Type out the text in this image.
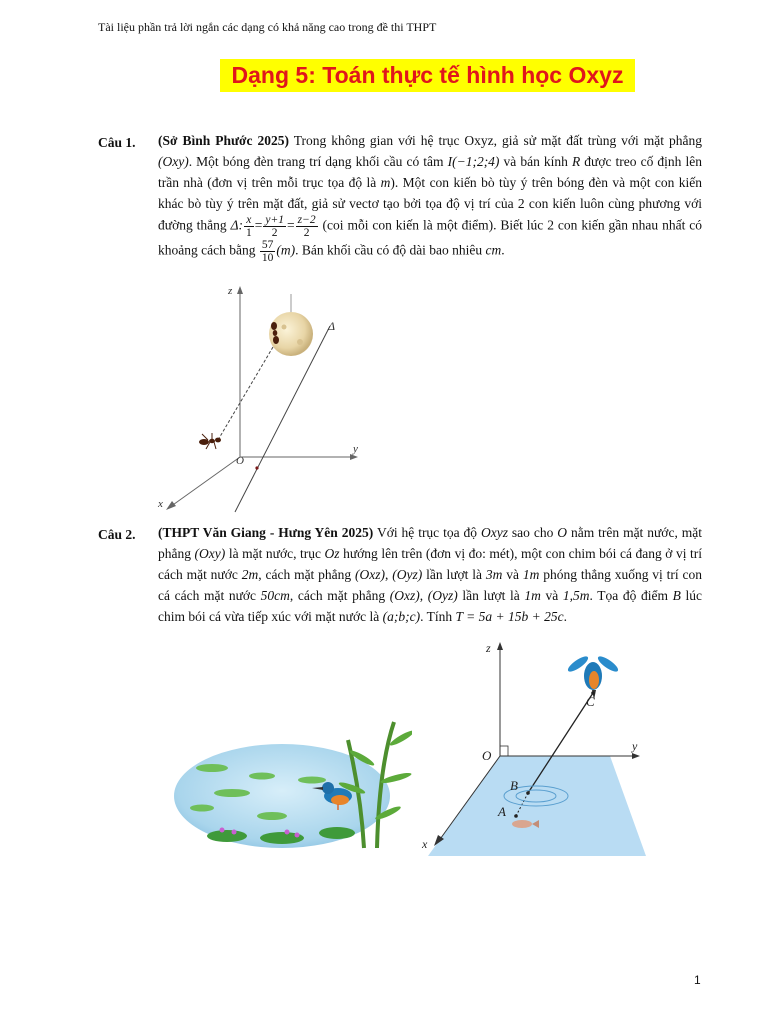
Tài liệu phần trả lời ngắn các dạng có khả năng cao trong đề thi THPT
Dạng 5: Toán thực tế hình học Oxyz
Câu 1. (Sở Bình Phước 2025) Trong không gian với hệ trục Oxyz, giả sử mặt đất trùng với mặt phẳng (Oxy). Một bóng đèn trang trí dạng khối cầu có tâm I(−1;2;4) và bán kính R được treo cố định lên trần nhà (đơn vị trên mỗi trục tọa độ là m). Một con kiến bò tùy ý trên bóng đèn và một con kiến khác bò tùy ý trên mặt đất, giả sử vectơ tạo bởi tọa độ vị trí của 2 con kiến luôn cùng phương với đường thẳng Δ: $\frac{x}{1} = \frac{y+1}{2} = \frac{z-2}{2} (coi$ mỗi con kiến là một điểm). Biết lúc 2 con kiến gần nhau nhất có khoảng cách bằng $\frac{57}{10} (m)$. Bán khối cầu có độ dài bao nhiêu cm.

z
y
x
O
Δ
Câu 2. (THPT Văn Giang - Hưng Yên 2025) Với hệ trục tọa độ Oxyz sao cho O nằm trên mặt nước, mặt phẳng (Oxy) là mặt nước, trục Oz hướng lên trên (đơn vị đo: mét), một con chim bói cá đang ở vị trí cách mặt nước 2m, cách mặt phẳng (Oxz), (Oyz) lần lượt là 3m và 1m phóng thẳng xuống vị trí con cá cách mặt nước 50cm, cách mặt phẳng (Oxz), (Oyz) lần lượt là 1m và 1,5m. Tọa độ điểm B lúc chim bói cá vừa tiếp xúc với mặt nước là (a;b;c). Tính T = 5a + 15b + 25c.

z
y
x
O
A
B
C
1
